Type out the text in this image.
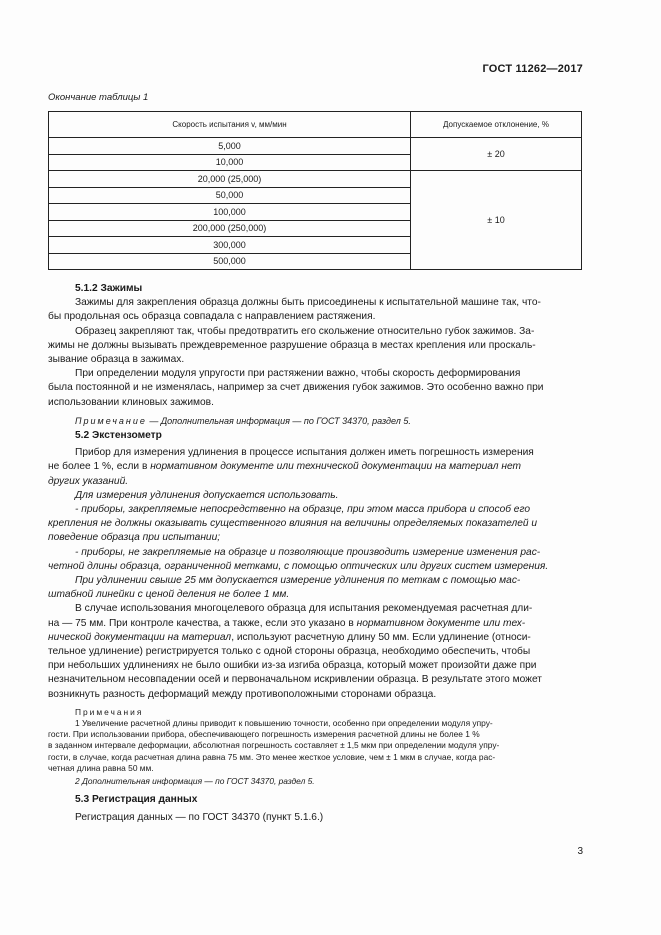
ГОСТ 11262—2017
Окончание таблицы 1
Скорость испытания v, мм/мин	Допускаемое отклонение, %
5,000	± 20
10,000	
20,000 (25,000)	± 10
50,000	
100,000	
200,000 (250,000)	
300,000	
500,000	

5.1.2 Зажимы

Зажимы для закрепления образца должны быть присоединены к испытательной машине так, что-

бы продольная ось образца совпадала с направлением растяжения.

Образец закрепляют так, чтобы предотвратить его скольжение относительно губок зажимов. За-

жимы не должны вызывать преждевременное разрушение образца в местах крепления или проскаль-

зывание образца в зажимах.

При определении модуля упругости при растяжении важно, чтобы скорость деформирования

была постоянной и не изменялась, например за счет движения губок зажимов. Это особенно важно при

использовании клиновых зажимов.

Примечание — Дополнительная информация — по ГОСТ 34370, раздел 5.

5.2 Экстензометр

Прибор для измерения удлинения в процессе испытания должен иметь погрешность измерения

не более 1 %, если в нормативном документе или технической документации на материал нет

других указаний.

Для измерения удлинения допускается использовать.

- приборы, закрепляемые непосредственно на образце, при этом масса прибора и способ его

крепления не должны оказывать существенного влияния на величины определяемых показателей и

поведение образца при испытании;

- приборы, не закрепляемые на образце и позволяющие производить измерение изменения рас-

четной длины образца, ограниченной метками, с помощью оптических или других систем измерения.

При удлинении свыше 25 мм допускается измерение удлинения по меткам с помощью мас-

штабной линейки с ценой деления не более 1 мм.

В случае использования многоцелевого образца для испытания рекомендуемая расчетная дли-

на — 75 мм. При контроле качества, а также, если это указано в нормативном документе или тех-

нической документации на материал, используют расчетную длину 50 мм. Если удлинение (относи-

тельное удлинение) регистрируется только с одной стороны образца, необходимо обеспечить, чтобы

при небольших удлинениях не было ошибки из-за изгиба образца, который может произойти даже при

незначительном несовпадении осей и первоначальном искривлении образца. В результате этого может

возникнуть разность деформаций между противоположными сторонами образца.

Примечания

1 Увеличение расчетной длины приводит к повышению точности, особенно при определении модуля упру-

гости. При использовании прибора, обеспечивающего погрешность измерения расчетной длины не более 1 %

в заданном интервале деформации, абсолютная погрешность составляет ± 1,5 мкм при определении модуля упру-

гости, в случае, когда расчетная длина равна 75 мм. Это менее жесткое условие, чем ± 1 мкм в случае, когда рас-

четная длина равна 50 мм.

2 Дополнительная информация — по ГОСТ 34370, раздел 5.

5.3 Регистрация данных

Регистрация данных — по ГОСТ 34370 (пункт 5.1.6.)

3
